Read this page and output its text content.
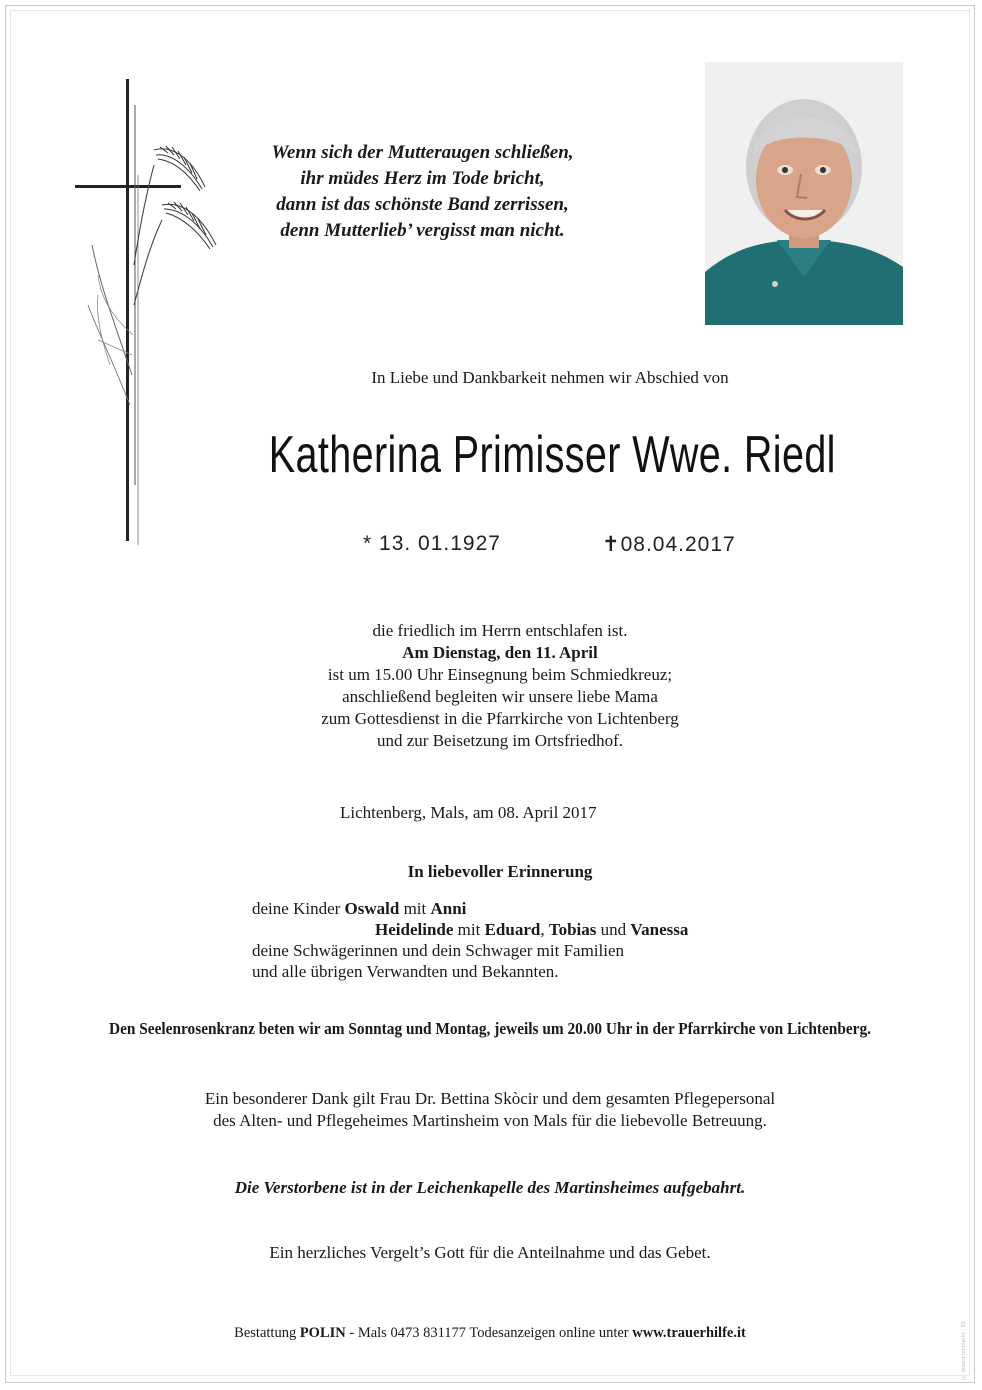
Wenn sich der Mutteraugen schließen,
ihr müdes Herz im Tode bricht,
dann ist das schönste Band zerrissen,
denn Mutterlieb’ vergisst man nicht.
In Liebe und Dankbarkeit nehmen wir Abschied von
Katherina Primisser Wwe. Riedl
* 13. 01.1927	✝08.04.2017
die friedlich im Herrn entschlafen ist.
Am Dienstag, den 11. April
ist um 15.00 Uhr Einsegnung beim Schmiedkreuz;
anschließend begleiten wir unsere liebe Mama
zum Gottesdienst in die Pfarrkirche von Lichtenberg
und zur Beisetzung im Ortsfriedhof.
Lichtenberg, Mals, am 08. April 2017
In liebevoller Erinnerung
deine Kinder Oswald mit Anni
Heidelinde mit Eduard, Tobias und Vanessa
deine Schwägerinnen und dein Schwager mit Familien
und alle übrigen Verwandten und Bekannten.
Den Seelenrosenkranz beten wir am Sonntag und Montag, jeweils um 20.00 Uhr in der Pfarrkirche von Lichtenberg.
Ein besonderer Dank gilt Frau Dr. Bettina Skòcir und dem gesamten Pflegepersonal
des Alten- und Pflegeheimes Martinsheim von Mals für die liebevolle Betreuung.
Die Verstorbene ist in der Leichenkapelle des Martinsheimes aufgebahrt.
Ein herzliches Vergelt’s Gott für die Anteilnahme und das Gebet.
Bestattung POLIN - Mals 0473 831177 Todesanzeigen online unter www.trauerhilfe.it	© dolomitenmarkt - 01
